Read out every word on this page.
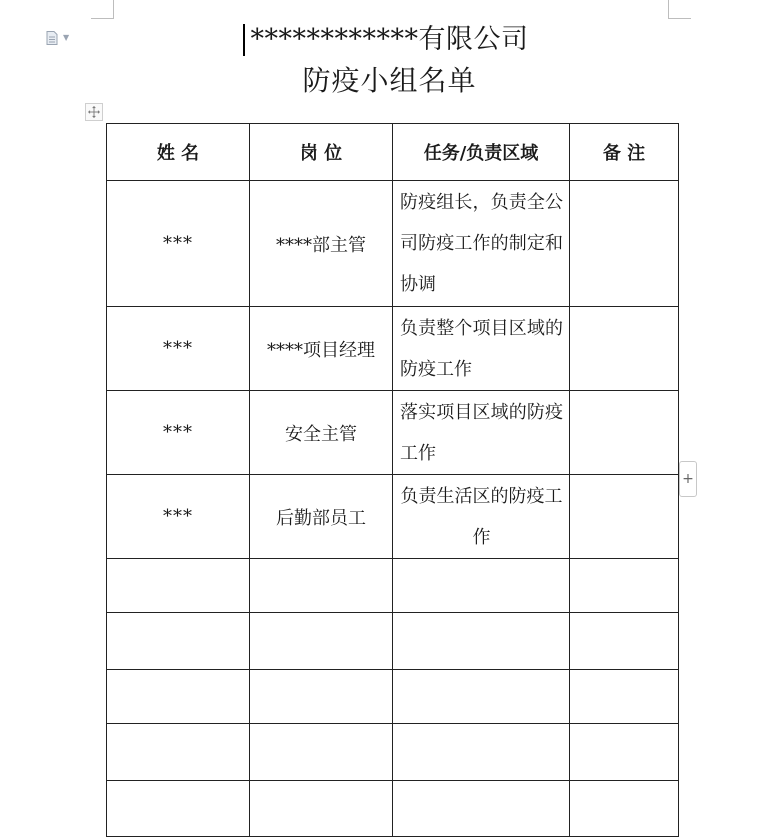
▼	************有限公司
防疫小组名单
姓 名	岗 位	任务/负责区域	备 注
***	****部主管	防疫组长，负责全公司防疫工作的制定和协调	
***	****项目经理	负责整个项目区域的防疫工作	
***	安全主管	落实项目区域的防疫工作	
***	后勤部员工	负责生活区的防疫工作	

+
